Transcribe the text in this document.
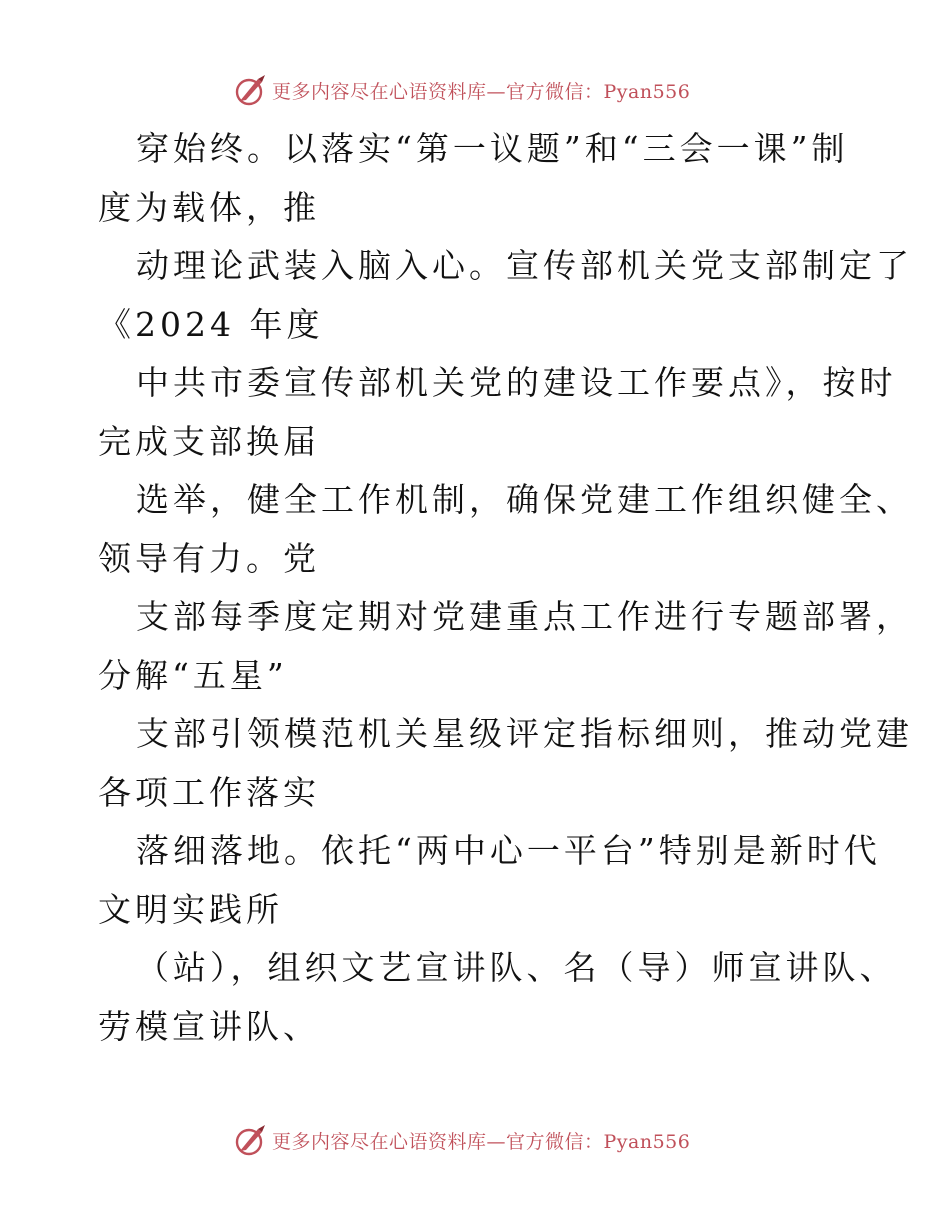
更多内容尽在心语资料库—官方微信：Pyan556
穿始终。以落实“第一议题”和“三会一课”制
度为载体，推
动理论武装入脑入心。宣传部机关党支部制定了
《2024 年度
中共市委宣传部机关党的建设工作要点》，按时
完成支部换届
选举，健全工作机制，确保党建工作组织健全、
领导有力。党
支部每季度定期对党建重点工作进行专题部署，
分解“五星”
支部引领模范机关星级评定指标细则，推动党建
各项工作落实
落细落地。依托“两中心一平台”特别是新时代
文明实践所
（站），组织文艺宣讲队、名（导）师宣讲队、
劳模宣讲队、
更多内容尽在心语资料库—官方微信：Pyan556
